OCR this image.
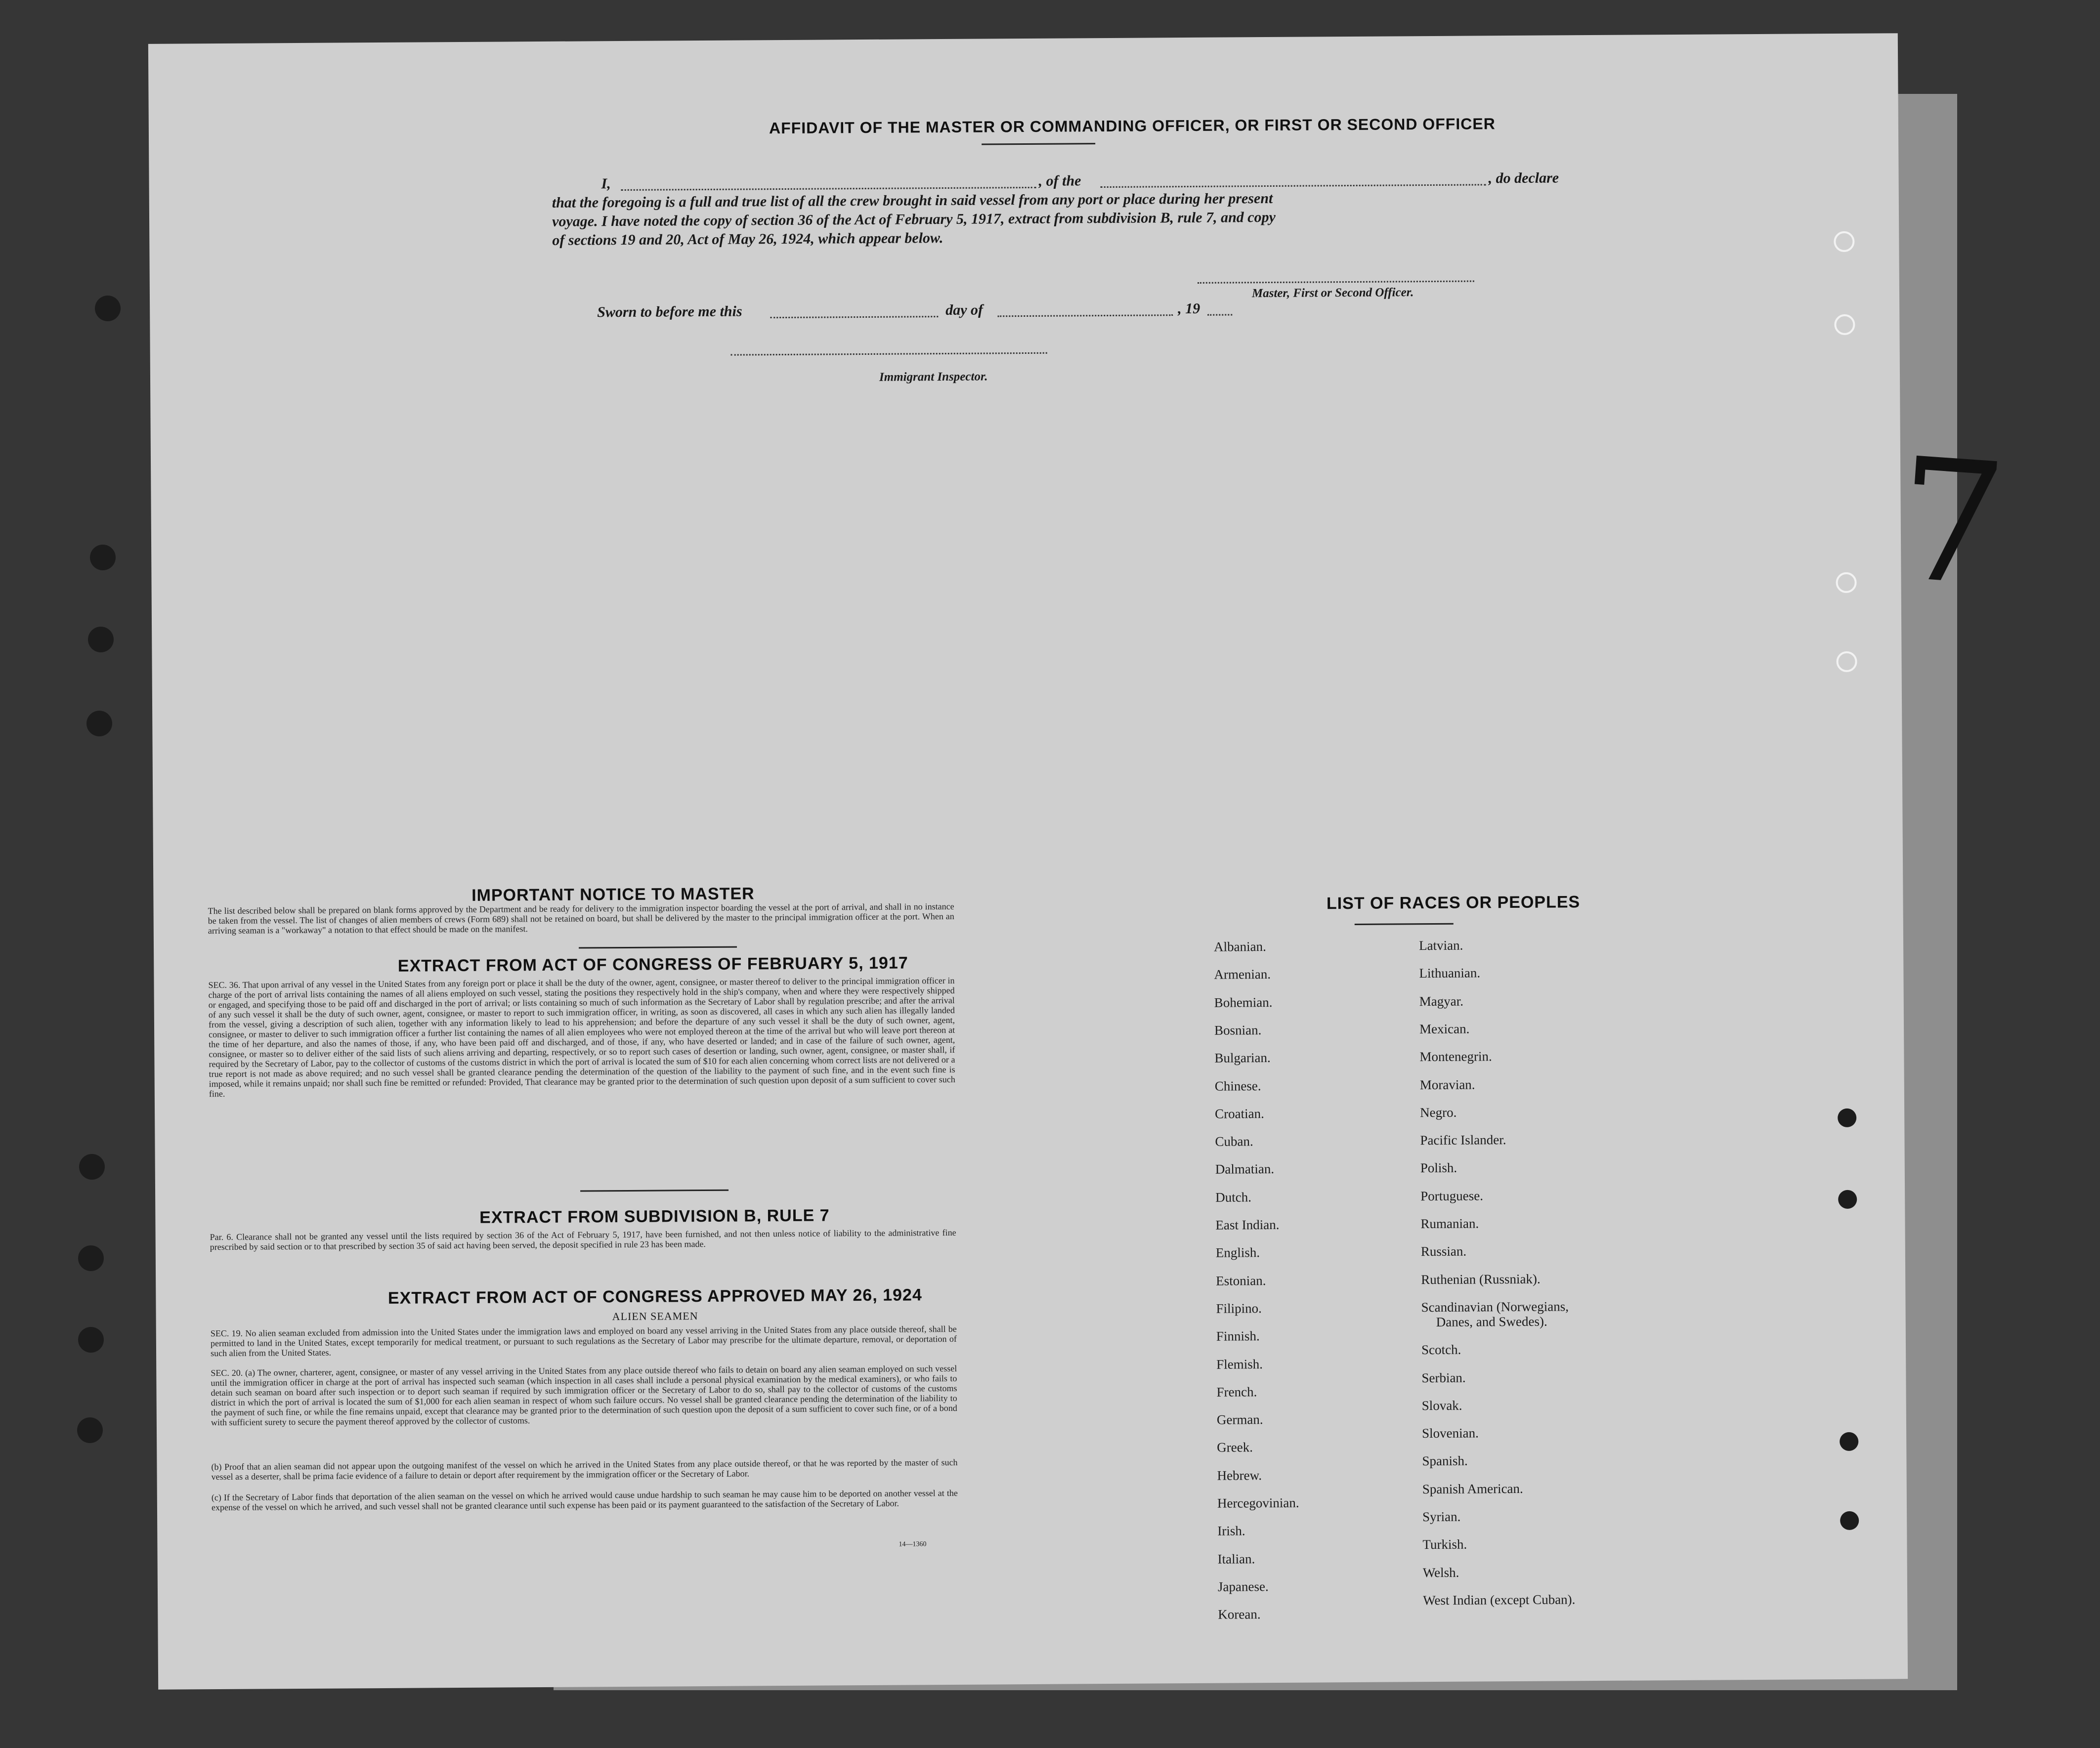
AFFIDAVIT OF THE MASTER OR COMMANDING OFFICER, OR FIRST OR SECOND OFFICER
I,	, of the	, do declare
that the foregoing is a full and true list of all the crew brought in said vessel from any port or place during her present
voyage. I have noted the copy of section 36 of the Act of February 5, 1917, extract from subdivision B, rule 7, and copy
of sections 19 and 20, Act of May 26, 1924, which appear below.
Master, First or Second Officer.
Sworn to before me this	day of	, 19
Immigrant Inspector.
IMPORTANT NOTICE TO MASTER
The list described below shall be prepared on blank forms approved by the Department and be ready for delivery to the immigration inspector boarding the vessel at the port of arrival, and shall in no instance be taken from the vessel. The list of changes of alien members of crews (Form 689) shall not be retained on board, but shall be delivered by the master to the principal immigration officer at the port. When an arriving seaman is a "workaway" a notation to that effect should be made on the manifest.
EXTRACT FROM ACT OF CONGRESS OF FEBRUARY 5, 1917
SEC. 36. That upon arrival of any vessel in the United States from any foreign port or place it shall be the duty of the owner, agent, consignee, or master thereof to deliver to the principal immigration officer in charge of the port of arrival lists containing the names of all aliens employed on such vessel, stating the positions they respectively hold in the ship's company, when and where they were respectively shipped or engaged, and specifying those to be paid off and discharged in the port of arrival; or lists containing so much of such information as the Secretary of Labor shall by regulation prescribe; and after the arrival of any such vessel it shall be the duty of such owner, agent, consignee, or master to report to such immigration officer, in writing, as soon as discovered, all cases in which any such alien has illegally landed from the vessel, giving a description of such alien, together with any information likely to lead to his apprehension; and before the departure of any such vessel it shall be the duty of such owner, agent, consignee, or master to deliver to such immigration officer a further list containing the names of all alien employees who were not employed thereon at the time of the arrival but who will leave port thereon at the time of her departure, and also the names of those, if any, who have been paid off and discharged, and of those, if any, who have deserted or landed; and in case of the failure of such owner, agent, consignee, or master so to deliver either of the said lists of such aliens arriving and departing, respectively, or so to report such cases of desertion or landing, such owner, agent, consignee, or master shall, if required by the Secretary of Labor, pay to the collector of customs of the customs district in which the port of arrival is located the sum of $10 for each alien concerning whom correct lists are not delivered or a true report is not made as above required; and no such vessel shall be granted clearance pending the determination of the question of the liability to the payment of such fine, and in the event such fine is imposed, while it remains unpaid; nor shall such fine be remitted or refunded: Provided, That clearance may be granted prior to the determination of such question upon deposit of a sum sufficient to cover such fine.
EXTRACT FROM SUBDIVISION B, RULE 7
Par. 6. Clearance shall not be granted any vessel until the lists required by section 36 of the Act of February 5, 1917, have been furnished, and not then unless notice of liability to the administrative fine prescribed by said section or to that prescribed by section 35 of said act having been served, the deposit specified in rule 23 has been made.
EXTRACT FROM ACT OF CONGRESS APPROVED MAY 26, 1924
ALIEN SEAMEN
SEC. 19. No alien seaman excluded from admission into the United States under the immigration laws and employed on board any vessel arriving in the United States from any place outside thereof, shall be permitted to land in the United States, except temporarily for medical treatment, or pursuant to such regulations as the Secretary of Labor may prescribe for the ultimate departure, removal, or deportation of such alien from the United States.
SEC. 20. (a) The owner, charterer, agent, consignee, or master of any vessel arriving in the United States from any place outside thereof who fails to detain on board any alien seaman employed on such vessel until the immigration officer in charge at the port of arrival has inspected such seaman (which inspection in all cases shall include a personal physical examination by the medical examiners), or who fails to detain such seaman on board after such inspection or to deport such seaman if required by such immigration officer or the Secretary of Labor to do so, shall pay to the collector of customs of the customs district in which the port of arrival is located the sum of $1,000 for each alien seaman in respect of whom such failure occurs. No vessel shall be granted clearance pending the determination of the liability to the payment of such fine, or while the fine remains unpaid, except that clearance may be granted prior to the determination of such question upon the deposit of a sum sufficient to cover such fine, or of a bond with sufficient surety to secure the payment thereof approved by the collector of customs.
(b) Proof that an alien seaman did not appear upon the outgoing manifest of the vessel on which he arrived in the United States from any place outside thereof, or that he was reported by the master of such vessel as a deserter, shall be prima facie evidence of a failure to detain or deport after requirement by the immigration officer or the Secretary of Labor.
(c) If the Secretary of Labor finds that deportation of the alien seaman on the vessel on which he arrived would cause undue hardship to such seaman he may cause him to be deported on another vessel at the expense of the vessel on which he arrived, and such vessel shall not be granted clearance until such expense has been paid or its payment guaranteed to the satisfaction of the Secretary of Labor.
14—1360
LIST OF RACES OR PEOPLES
Albanian.
Armenian.
Bohemian.
Bosnian.
Bulgarian.
Chinese.
Croatian.
Cuban.
Dalmatian.
Dutch.
East Indian.
English.
Estonian.
Filipino.
Finnish.
Flemish.
French.
German.
Greek.
Hebrew.
Hercegovinian.
Irish.
Italian.
Japanese.
Korean.
Latvian.
Lithuanian.
Magyar.
Mexican.
Montenegrin.
Moravian.
Negro.
Pacific Islander.
Polish.
Portuguese.
Rumanian.
Russian.
Ruthenian (Russniak).
Scandinavian (Norwegians,
Danes, and Swedes).
Scotch.
Serbian.
Slovak.
Slovenian.
Spanish.
Spanish American.
Syrian.
Turkish.
Welsh.
West Indian (except Cuban).
7
